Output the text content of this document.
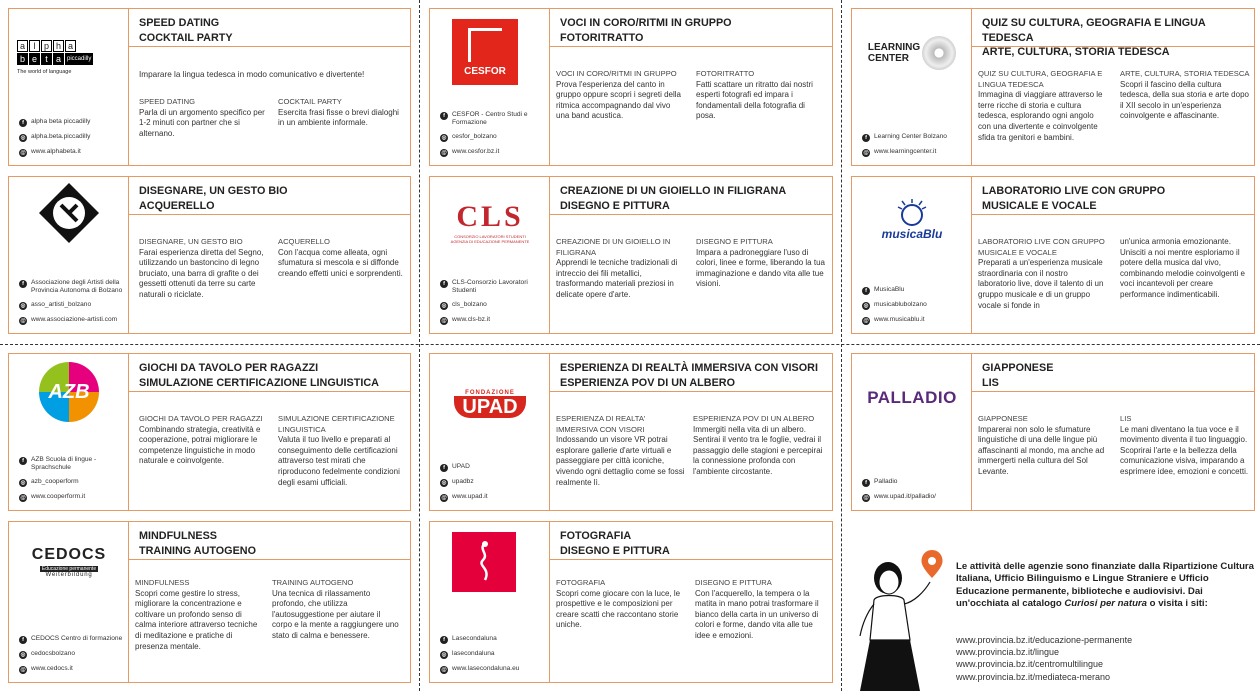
a l p h a
b e t a	piccadilly
The world of language
f	alpha beta piccadilly
◎ alpha.beta.piccadilly
@ www.alphabeta.it
SPEED DATING
COCKTAIL PARTY
Imparare la lingua tedesca in modo comunicativo e divertente!
SPEED DATING
Parla di un argomento specifico per 1-2 minuti con partner che si alternano.
COCKTAIL PARTY
Esercita frasi fisse o brevi dialoghi in un ambiente informale.
CESFOR
f	CESFOR - Centro Studi e Formazione
◎ cesfor_bolzano
@ www.cesfor.bz.it
VOCI IN CORO/RITMI IN GRUPPO
FOTORITRATTO
VOCI IN CORO/RITMI IN GRUPPO
Prova l'esperienza del canto in gruppo oppure scopri i segreti della ritmica accompagnando dal vivo una band acustica.
FOTORITRATTO
Fatti scattare un ritratto dai nostri esperti fotografi ed impara i fondamentali della fotografia di posa.
LEARNING
CENTER
f	Learning Center Bolzano
@ www.learningcenter.it
QUIZ SU CULTURA, GEOGRAFIA E LINGUA TEDESCA
ARTE, CULTURA, STORIA TEDESCA
QUIZ SU CULTURA, GEOGRAFIA E LINGUA TEDESCA
Immagina di viaggiare attraverso le terre ricche di storia e cultura tedesca, esplorando ogni angolo con una divertente e coinvolgente sfida tra genitori e bambini.
ARTE, CULTURA, STORIA TEDESCA
Scopri il fascino della cultura tedesca, della sua storia e arte dopo il XII secolo in un'esperienza coinvolgente e affascinante.
f	Associazione degli Artisti della Provincia Autonoma di Bolzano
◎ asso_artisti_bolzano
@ www.associazione-artisti.com
DISEGNARE, UN GESTO BIO
ACQUERELLO
DISEGNARE, UN GESTO BIO
Farai esperienza diretta del Segno, utilizzando un bastoncino di legno bruciato, una barra di grafite o dei gessetti ottenuti da terre su carte naturali o riciclate.
ACQUERELLO
Con l'acqua come alleata, ogni sfumatura si mescola e si diffonde creando effetti unici e sorprendenti.
CLS
CONSORZIO LAVORATORI STUDENTI
AGENZIA DI EDUCAZIONE PERMANENTE
f	CLS-Consorzio Lavoratori Studenti
◎ cls_bolzano
@ www.cls-bz.it
CREAZIONE DI UN GIOIELLO IN FILIGRANA
DISEGNO E PITTURA
CREAZIONE DI UN GIOIELLO IN FILIGRANA
Apprendi le tecniche tradizionali di intreccio dei fili metallici, trasformando materiali preziosi in delicate opere d'arte.
DISEGNO E PITTURA
Impara a padroneggiare l'uso di colori, linee e forme, liberando la tua immaginazione e dando vita alle tue visioni.
musicaBlu
f	MusicaBlu
◎ musicablubolzano
@ www.musicablu.it
LABORATORIO LIVE CON GRUPPO
MUSICALE E VOCALE
LABORATORIO LIVE CON GRUPPO MUSICALE E VOCALE
Preparati a un'esperienza musicale straordinaria con il nostro laboratorio live, dove il talento di un gruppo musicale e di un gruppo vocale si fonde in
un'unica armonia emozionante. Unisciti a noi mentre esploriamo il potere della musica dal vivo, combinando melodie coinvolgenti e voci incantevoli per creare performance indimenticabili.
AZB
f	AZB Scuola di lingue - Sprachschule
◎ azb_cooperform
@ www.cooperform.it
GIOCHI DA TAVOLO PER RAGAZZI
SIMULAZIONE CERTIFICAZIONE LINGUISTICA
GIOCHI DA TAVOLO PER RAGAZZI
Combinando strategia, creatività e cooperazione, potrai migliorare le competenze linguistiche in modo naturale e coinvolgente.
SIMULAZIONE CERTIFICAZIONE LINGUISTICA
Valuta il tuo livello e preparati al conseguimento delle certificazioni attraverso test mirati che riproducono fedelmente condizioni degli esami ufficiali.
FONDAZIONE
UPAD
f	UPAD
◎ upadbz
@ www.upad.it
ESPERIENZA DI REALTÀ IMMERSIVA CON VISORI
ESPERIENZA POV DI UN ALBERO
ESPERIENZA DI REALTA' IMMERSIVA CON VISORI
Indossando un visore VR potrai esplorare gallerie d'arte virtuali e passeggiare per città iconiche, vivendo ogni dettaglio come se fossi realmente lì.
ESPERIENZA POV DI UN ALBERO
Immergiti nella vita di un albero. Sentirai il vento tra le foglie, vedrai il passaggio delle stagioni e percepirai la connessione profonda con l'ambiente circostante.
PALLADIO
f	Palladio
@ www.upad.it/palladio/
GIAPPONESE
LIS
GIAPPONESE
Imparerai non solo le sfumature linguistiche di una delle lingue più affascinanti al mondo, ma anche ad immergerti nella cultura del Sol Levante.
LIS
Le mani diventano la tua voce e il movimento diventa il tuo linguaggio. Scoprirai l'arte e la bellezza della comunicazione visiva, imparando a esprimere idee, emozioni e concetti.
CEDOCS
Educazione permanente
Weiterbildung
f	CEDOCS Centro di formazione
◎ cedocsbolzano
@ www.cedocs.it
MINDFULNESS
TRAINING AUTOGENO
MINDFULNESS
Scopri come gestire lo stress, migliorare la concentrazione e coltivare un profondo senso di calma interiore attraverso tecniche di meditazione e pratiche di presenza mentale.
TRAINING AUTOGENO
Una tecnica di rilassamento profondo, che utilizza l'autosuggestione per aiutare il corpo e la mente a raggiungere uno stato di calma e benessere.	f	Lasecondaluna
◎ lasecondaluna
@ www.lasecondaluna.eu
FOTOGRAFIA
DISEGNO E PITTURA
FOTOGRAFIA
Scopri come giocare con la luce, le prospettive e le composizioni per creare scatti che raccontano storie uniche.
DISEGNO E PITTURA
Con l'acquerello, la tempera o la matita in mano potrai trasformare il bianco della carta in un universo di colori e forme, dando vita alle tue idee e emozioni.
Le attività delle agenzie sono finanziate dalla Ripartizione Cultura Italiana, Ufficio Bilinguismo e Lingue Straniere e Ufficio Educazione permanente, biblioteche e audiovisivi. Dai un'occhiata al catalogo Curiosi per natura o visita i siti:
www.provincia.bz.it/educazione-permanente
www.provincia.bz.it/lingue
www.provincia.bz.it/centromultilingue
www.provincia.bz.it/mediateca-merano
